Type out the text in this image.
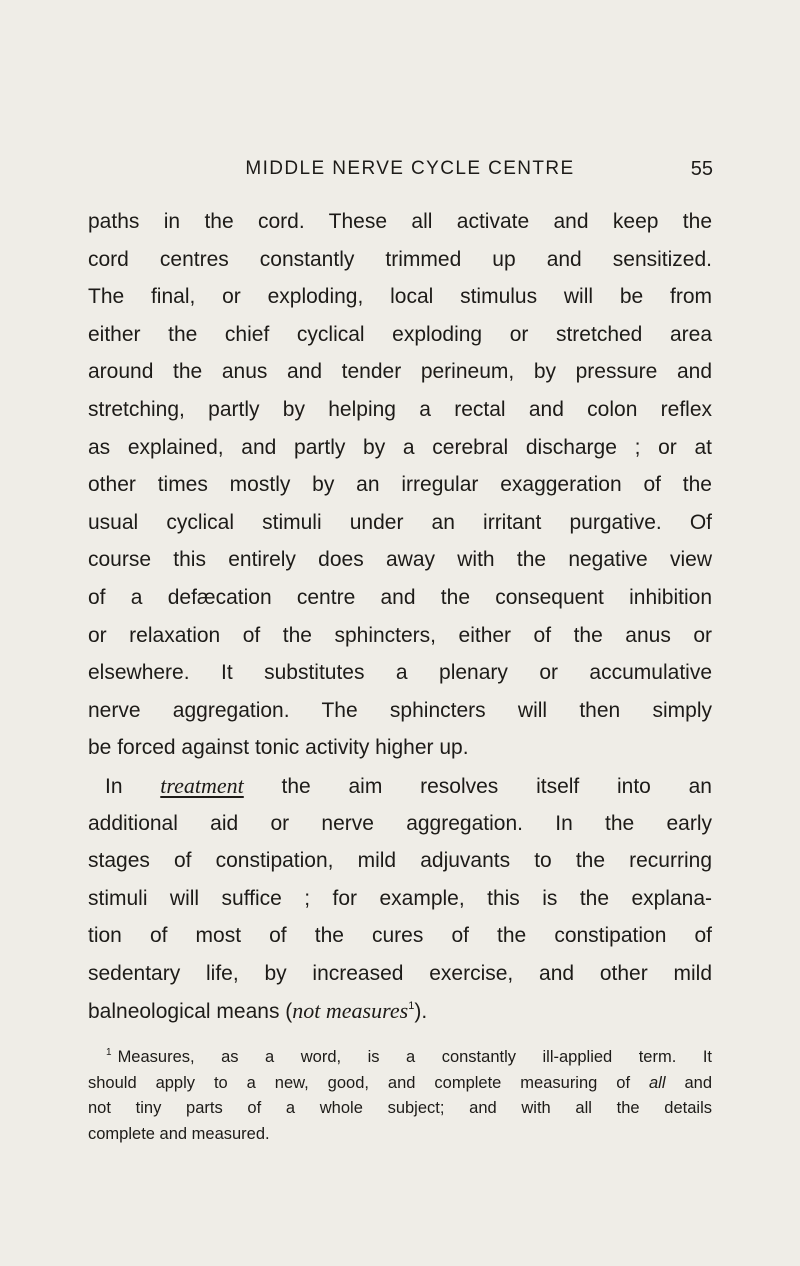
MIDDLE NERVE CYCLE CENTRE	55
paths in the cord. These all activate and keep the
cord centres constantly trimmed up and sensitized.
The final, or exploding, local stimulus will be from
either the chief cyclical exploding or stretched area
around the anus and tender perineum, by pressure and
stretching, partly by helping a rectal and colon reflex
as explained, and partly by a cerebral discharge ; or at
other times mostly by an irregular exaggeration of the
usual cyclical stimuli under an irritant purgative. Of
course this entirely does away with the negative view
of a defæcation centre and the consequent inhibition
or relaxation of the sphincters, either of the anus or
elsewhere. It substitutes a plenary or accumulative
nerve aggregation. The sphincters will then simply
be forced against tonic activity higher up.
In treatment the aim resolves itself into an
additional aid or nerve aggregation. In the early
stages of constipation, mild adjuvants to the recurring
stimuli will suffice ; for example, this is the explana-
tion of most of the cures of the constipation of
sedentary life, by increased exercise, and other mild
balneological means (not measures$^1$).
$^1$ Measures, as a word, is a constantly ill-applied term. It
should apply to a new, good, and complete measuring of all and
not tiny parts of a whole subject; and with all the details
complete and measured.
